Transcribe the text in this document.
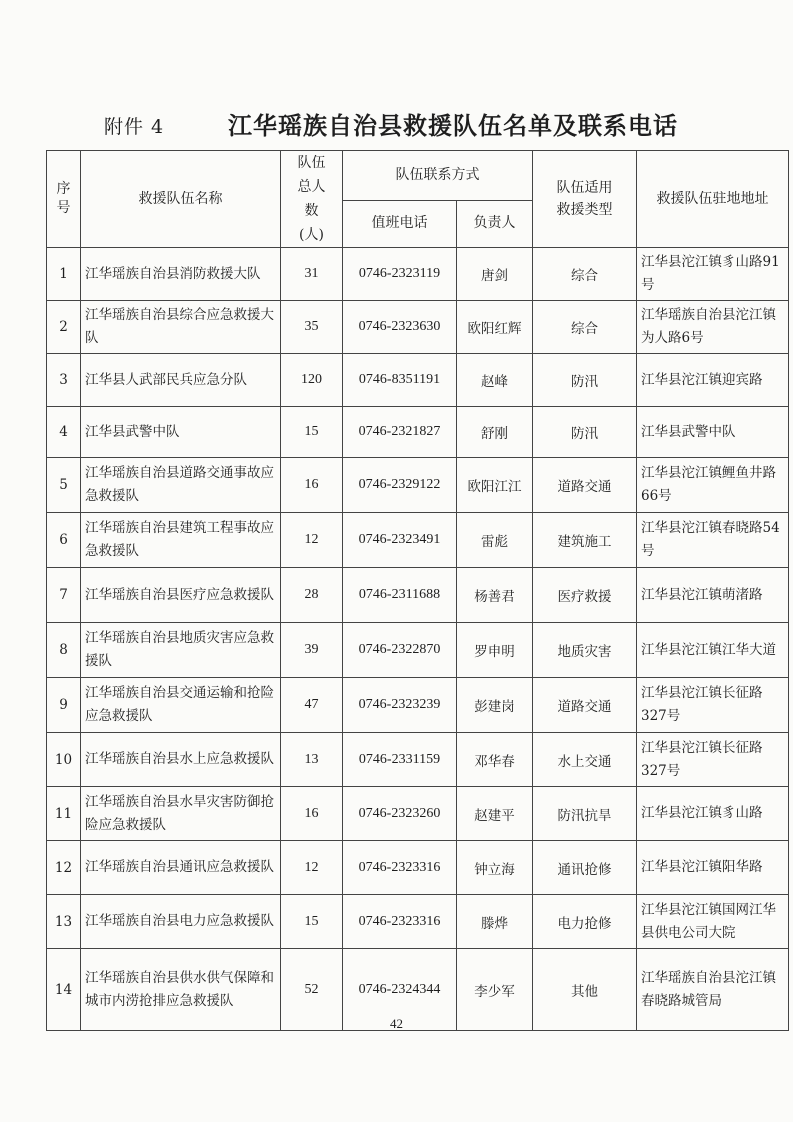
附件 4	江华瑶族自治县救援队伍名单及联系电话
序号	救援队伍名称	队伍总人数(人)	队伍联系方式		队伍适用救援类型	救援队伍驻地地址
			值班电话	负责人		
1	江华瑶族自治县消防救援大队	31	0746-2323119	唐剑	综合	江华县沱江镇豸山路91号
2	江华瑶族自治县综合应急救援大队	35	0746-2323630	欧阳红辉	综合	江华瑶族自治县沱江镇为人路6号
3	江华县人武部民兵应急分队	120	0746-8351191	赵峰	防汛	江华县沱江镇迎宾路
4	江华县武警中队	15	0746-2321827	舒刚	防汛	江华县武警中队
5	江华瑶族自治县道路交通事故应急救援队	16	0746-2329122	欧阳江江	道路交通	江华县沱江镇鲤鱼井路66号
6	江华瑶族自治县建筑工程事故应急救援队	12	0746-2323491	雷彪	建筑施工	江华县沱江镇春晓路54号
7	江华瑶族自治县医疗应急救援队	28	0746-2311688	杨善君	医疗救援	江华县沱江镇萌渚路
8	江华瑶族自治县地质灾害应急救援队	39	0746-2322870	罗申明	地质灾害	江华县沱江镇江华大道
9	江华瑶族自治县交通运输和抢险应急救援队	47	0746-2323239	彭建岗	道路交通	江华县沱江镇长征路327号
10	江华瑶族自治县水上应急救援队	13	0746-2331159	邓华春	水上交通	江华县沱江镇长征路327号
11	江华瑶族自治县水旱灾害防御抢险应急救援队	16	0746-2323260	赵建平	防汛抗旱	江华县沱江镇豸山路
12	江华瑶族自治县通讯应急救援队	12	0746-2323316	钟立海	通讯抢修	江华县沱江镇阳华路
13	江华瑶族自治县电力应急救援队	15	0746-2323316	滕烨	电力抢修	江华县沱江镇国网江华县供电公司大院
14	江华瑶族自治县供水供气保障和城市内涝抢排应急救援队	52	0746-2324344	李少军	其他	江华瑶族自治县沱江镇春晓路城管局
42
